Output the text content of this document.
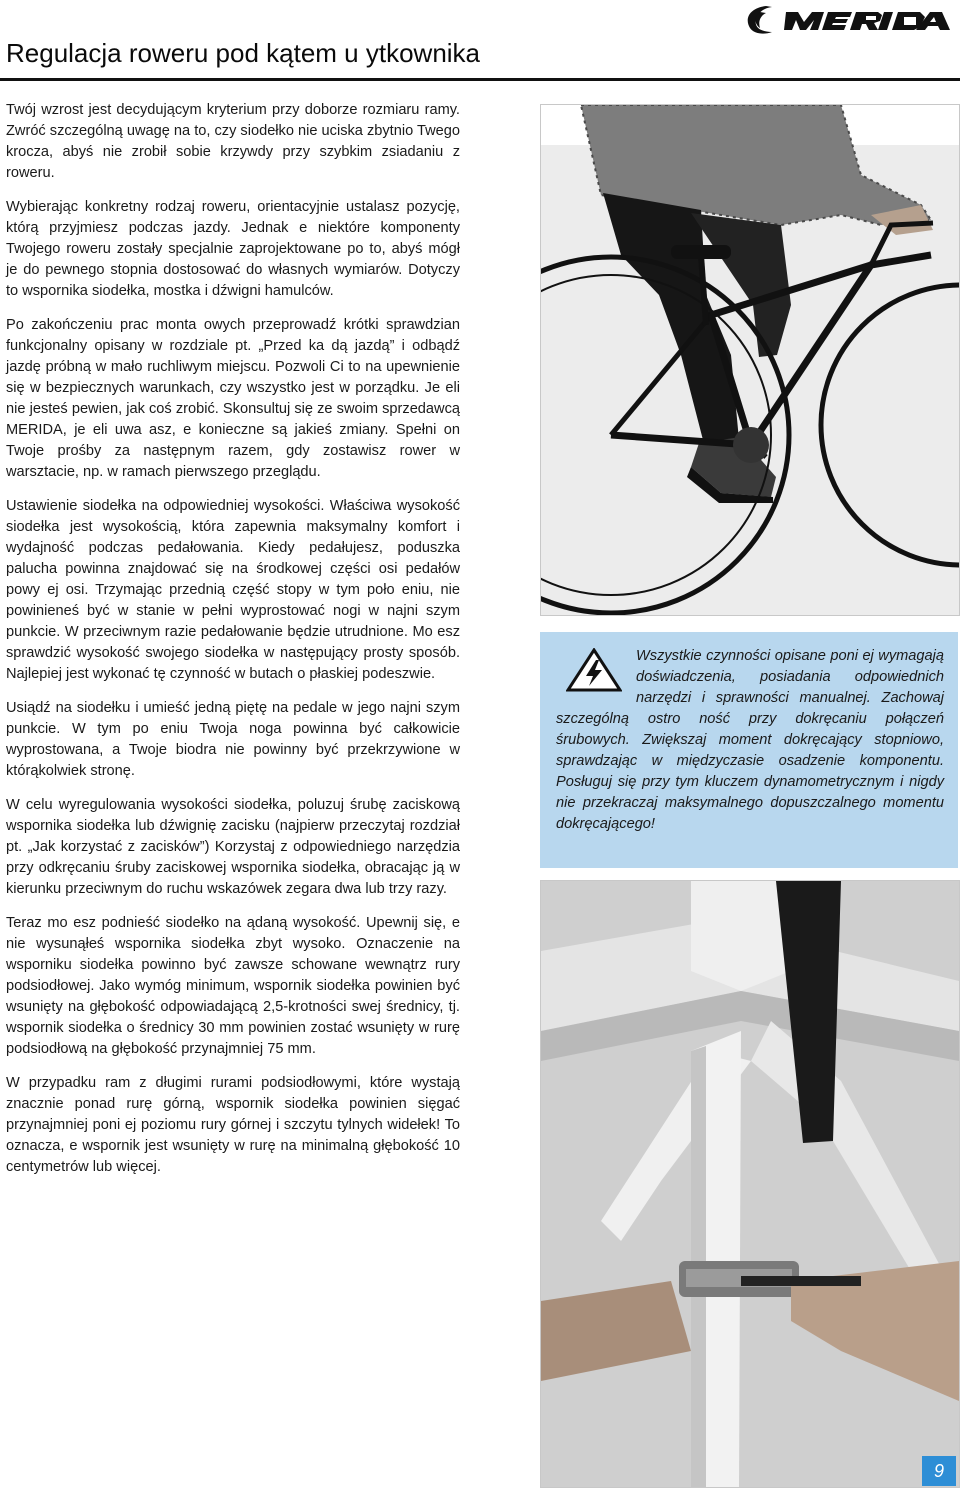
Regulacja roweru pod kątem u ytkownika

Twój wzrost jest decydującym kryterium przy doborze rozmiaru ramy. Zwróć szczególną uwagę na to, czy siodełko nie uciska zbytnio Twego krocza, abyś nie zrobił sobie krzywdy przy szybkim zsiadaniu z roweru.

Wybierając konkretny rodzaj roweru, orientacyjnie ustalasz pozycję, którą przyjmiesz podczas jazdy. Jednak e niektóre komponenty Twojego roweru zostały specjalnie zaprojektowane po to, abyś mógł je do pewnego stopnia dostosować do własnych wymiarów. Dotyczy to wspornika siodełka, mostka i dźwigni hamulców.

Po zakończeniu prac monta owych przeprowadź krótki sprawdzian funkcjonalny opisany w rozdziale pt. „Przed ka dą jazdą” i odbądź jazdę próbną w mało ruchliwym miejscu. Pozwoli Ci to na upewnienie się w bezpiecznych warunkach, czy wszystko jest w porządku. Je eli nie jesteś pewien, jak coś zrobić. Skonsultuj się ze swoim sprzedawcą MERIDA, je eli uwa asz, e konieczne są jakieś zmiany. Spełni on Twoje prośby za następnym razem, gdy zostawisz rower w warsztacie, np. w ramach pierwszego przeglądu.

Ustawienie siodełka na odpowiedniej wysokości. Właściwa wysokość siodełka jest wysokością, która zapewnia maksymalny komfort i wydajność podczas pedałowania. Kiedy pedałujesz, poduszka palucha powinna znajdować się na środkowej części osi pedałów powy ej osi. Trzymając przednią część stopy w tym poło eniu, nie powinieneś być w stanie w pełni wyprostować nogi w najni szym punkcie. W przeciwnym razie pedałowanie będzie utrudnione. Mo esz sprawdzić wysokość swojego siodełka w następujący prosty sposób. Najlepiej jest wykonać tę czynność w butach o płaskiej podeszwie.

Usiądź na siodełku i umieść jedną piętę na pedale w jego najni szym punkcie. W tym po eniu Twoja noga powinna być całkowicie wyprostowana, a Twoje biodra nie powinny być przekrzywione w którąkolwiek stronę.

W celu wyregulowania wysokości siodełka, poluzuj śrubę zaciskową wspornika siodełka lub dźwignię zacisku (najpierw przeczytaj rozdział pt. „Jak korzystać z zacisków”) Korzystaj z odpowiedniego narzędzia przy odkręcaniu śruby zaciskowej wspornika siodełka, obracając ją w kierunku przeciwnym do ruchu wskazówek zegara dwa lub trzy razy.

Teraz mo esz podnieść siodełko na ądaną wysokość. Upewnij się, e nie wysunąłeś wspornika siodełka zbyt wysoko. Oznaczenie na wsporniku siodełka powinno być zawsze schowane wewnątrz rury podsiodłowej. Jako wymóg minimum, wspornik siodełka powinien być wsunięty na głębokość odpowiadającą 2,5-krotności swej średnicy, tj. wspornik siodełka o średnicy 30 mm powinien zostać wsunięty w rurę podsiodłową na głębokość przynajmniej 75 mm.

W przypadku ram z długimi rurami podsiodłowymi, które wystają znacznie ponad rurę górną, wspornik siodełka powinien sięgać przynajmniej poni ej poziomu rury górnej i szczytu tylnych widełek! To oznacza, e wspornik jest wsunięty w rurę na minimalną głębokość 10 centymetrów lub więcej.

Wszystkie czynności opisane poni ej wymagają doświadczenia, posiadania odpowiednich narzędzi i sprawności manualnej. Zachowaj szczególną ostro ność przy dokręcaniu połączeń śrubowych. Zwiększaj moment dokręcający stopniowo, sprawdzając w międzyczasie osadzenie komponentu. Posługuj się przy tym kluczem dynamometrycznym i nigdy nie przekraczaj maksymalnego dopuszczalnego momentu dokręcającego!
9
